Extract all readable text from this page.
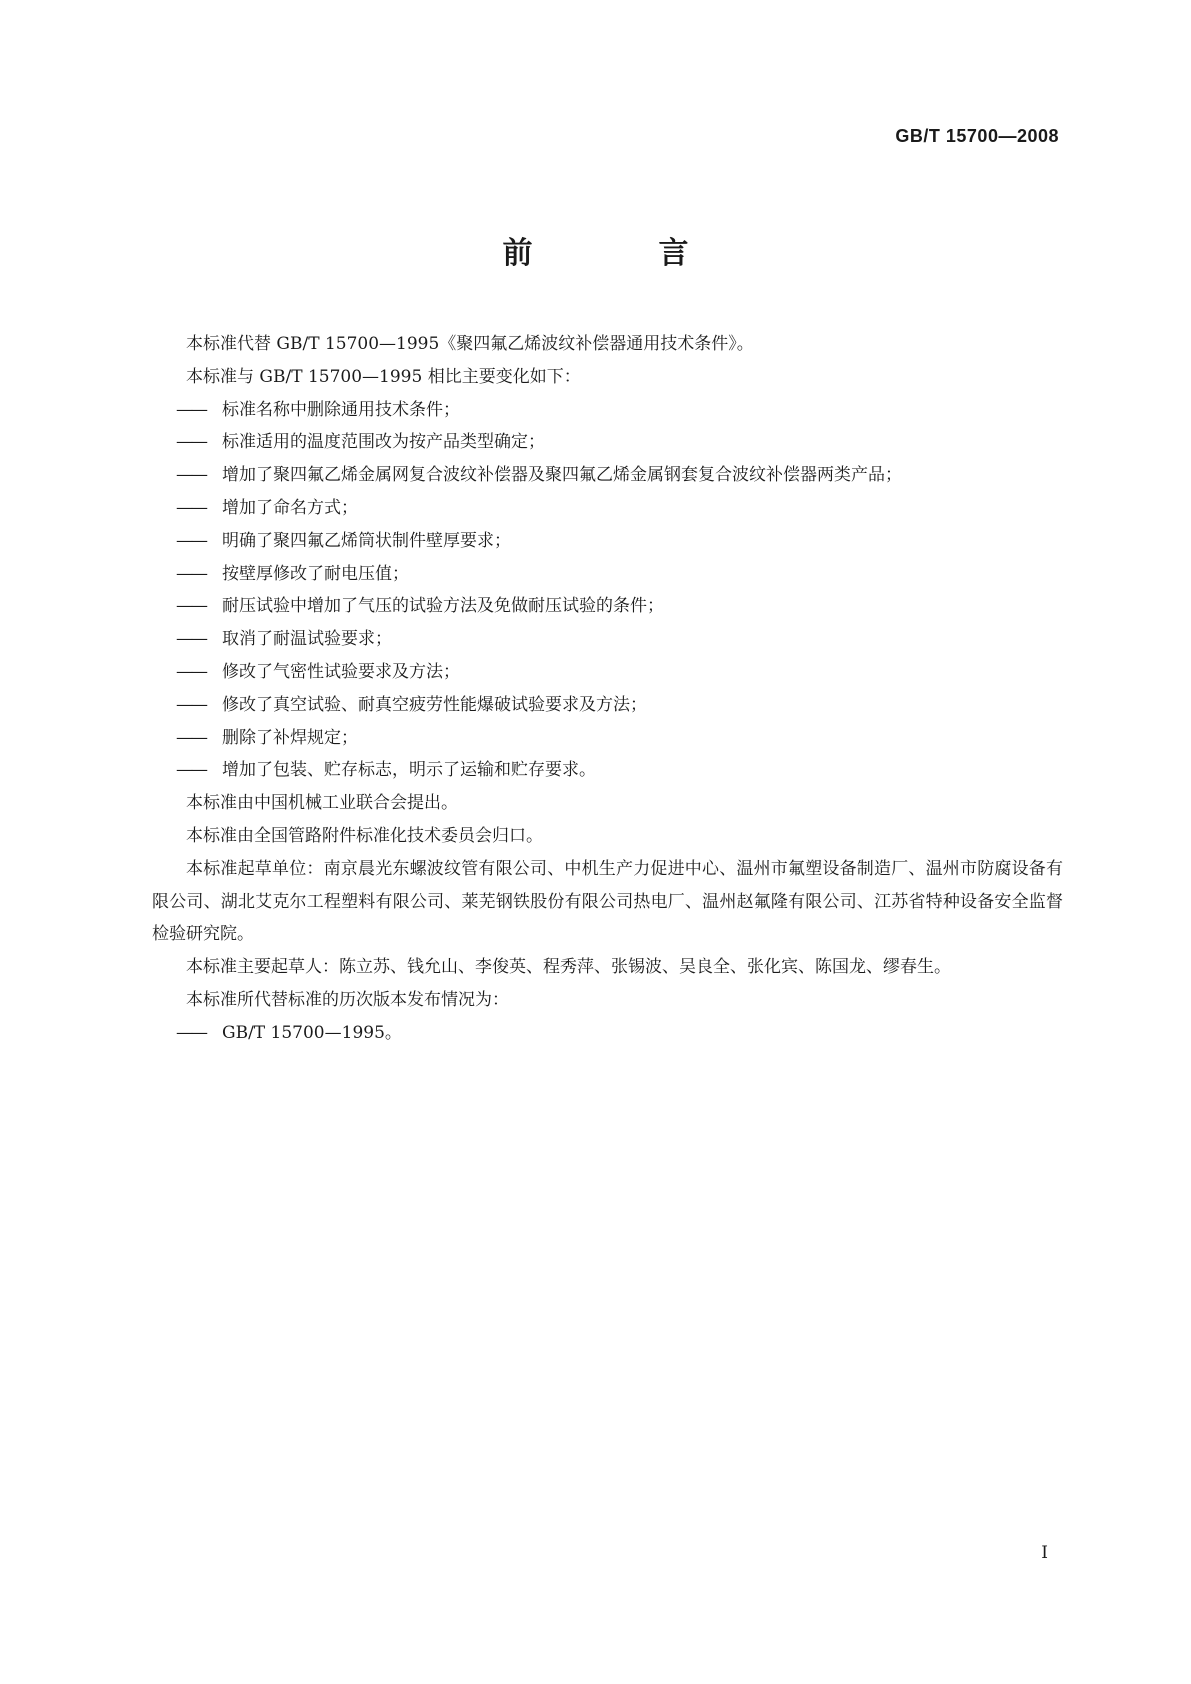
GB/T 15700—2008

前　言

本标准代替 GB/T 15700—1995《聚四氟乙烯波纹补偿器通用技术条件》。

本标准与 GB/T 15700—1995 相比主要变化如下：

—— 标准名称中删除通用技术条件；

—— 标准适用的温度范围改为按产品类型确定；

—— 增加了聚四氟乙烯金属网复合波纹补偿器及聚四氟乙烯金属钢套复合波纹补偿器两类产品；

—— 增加了命名方式；

—— 明确了聚四氟乙烯筒状制件壁厚要求；

—— 按壁厚修改了耐电压值；

—— 耐压试验中增加了气压的试验方法及免做耐压试验的条件；

—— 取消了耐温试验要求；

—— 修改了气密性试验要求及方法；

—— 修改了真空试验、耐真空疲劳性能爆破试验要求及方法；

—— 删除了补焊规定；

—— 增加了包装、贮存标志，明示了运输和贮存要求。

本标准由中国机械工业联合会提出。

本标准由全国管路附件标准化技术委员会归口。

本标准起草单位：南京晨光东螺波纹管有限公司、中机生产力促进中心、温州市氟塑设备制造厂、温州市防腐设备有限公司、湖北艾克尔工程塑料有限公司、莱芜钢铁股份有限公司热电厂、温州赵氟隆有限公司、江苏省特种设备安全监督检验研究院。

本标准主要起草人：陈立苏、钱允山、李俊英、程秀萍、张锡波、吴良全、张化宾、陈国龙、缪春生。

本标准所代替标准的历次版本发布情况为：

—— GB/T 15700—1995。

I
